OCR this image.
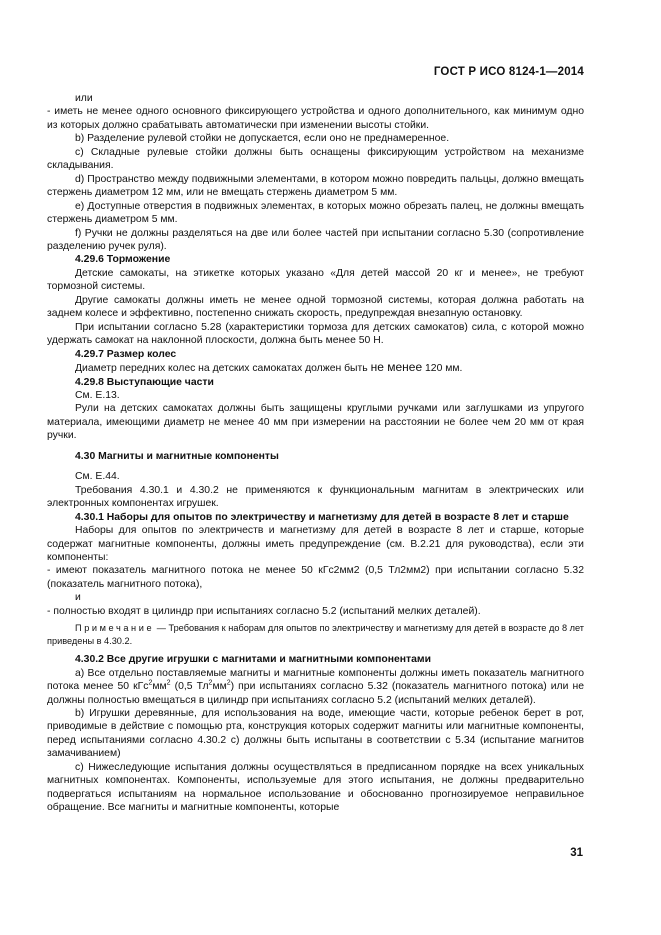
ГОСТ Р ИСО 8124-1—2014

или

- иметь не менее одного основного фиксирующего устройства и одного дополнительного, как минимум одно из которых должно срабатывать автоматически при изменении высоты стойки.

b) Разделение рулевой стойки не допускается, если оно не преднамеренное.

c) Складные рулевые стойки должны быть оснащены фиксирующим устройством на механизме складывания.

d) Пространство между подвижными элементами, в котором можно повредить пальцы, должно вмещать стержень диаметром 12 мм, или не вмещать стержень диаметром 5 мм.

e) Доступные отверстия в подвижных элементах, в которых можно обрезать палец, не должны вмещать стержень диаметром 5 мм.

f) Ручки не должны разделяться на две или более частей при испытании согласно 5.30 (сопротивление разделению ручек руля).

4.29.6 Торможение

Детские самокаты, на этикетке которых указано «Для детей массой 20 кг и менее», не требуют тормозной системы.

Другие самокаты должны иметь не менее одной тормозной системы, которая должна работать на заднем колесе и эффективно, постепенно снижать скорость, предупреждая внезапную остановку.

При испытании согласно 5.28 (характеристики тормоза для детских самокатов) сила, с которой можно удержать самокат на наклонной плоскости, должна быть менее 50 Н.

4.29.7 Размер колес

Диаметр передних колес на детских самокатах должен быть не менее 120 мм.

4.29.8 Выступающие части

См. Е.13.

Рули на детских самокатах должны быть защищены круглыми ручками или заглушками из упругого материала, имеющими диаметр не менее 40 мм при измерении на расстоянии не более чем 20 мм от края ручки.

4.30 Магниты и магнитные компоненты

См. Е.44.

Требования 4.30.1 и 4.30.2 не применяются к функциональным магнитам в электрических или электронных компонентах игрушек.

4.30.1 Наборы для опытов по электричеству и магнетизму для детей в возрасте 8 лет и старше

Наборы для опытов по электричеств и магнетизму для детей в возрасте 8 лет и старше, которые содержат магнитные компоненты, должны иметь предупреждение (см. В.2.21 для руководства), если эти компоненты:

- имеют показатель магнитного потока не менее 50 кГс2мм2 (0,5 Тл2мм2) при испытании согласно 5.32 (показатель магнитного потока),

и

- полностью входят в цилиндр при испытаниях согласно 5.2 (испытаний мелких деталей).

Примечание — Требования к наборам для опытов по электричеству и магнетизму для детей в возрасте до 8 лет приведены в 4.30.2.

4.30.2 Все другие игрушки с магнитами и магнитными компонентами

a) Все отдельно поставляемые магниты и магнитные компоненты должны иметь показатель магнитного потока менее 50 $кГс^2мм^2$ (0,5 $Тл^2мм^2$) при испытаниях согласно 5.32 (показатель магнитного потока) или не должны полностью вмещаться в цилиндр при испытаниях согласно 5.2 (испытаний мелких деталей).

b) Игрушки деревянные, для использования на воде, имеющие части, которые ребенок берет в рот, приводимые в действие с помощью рта, конструкция которых содержит магниты или магнитные компоненты, перед испытаниями согласно 4.30.2 с) должны быть испытаны в соответствии с 5.34 (испытание магнитов замачиванием)

c) Нижеследующие испытания должны осуществляться в предписанном порядке на всех уникальных магнитных компонентах. Компоненты, используемые для этого испытания, не должны предварительно подвергаться испытаниям на нормальное использование и обоснованно прогнозируемое неправильное обращение. Все магниты и магнитные компоненты, которые

31
